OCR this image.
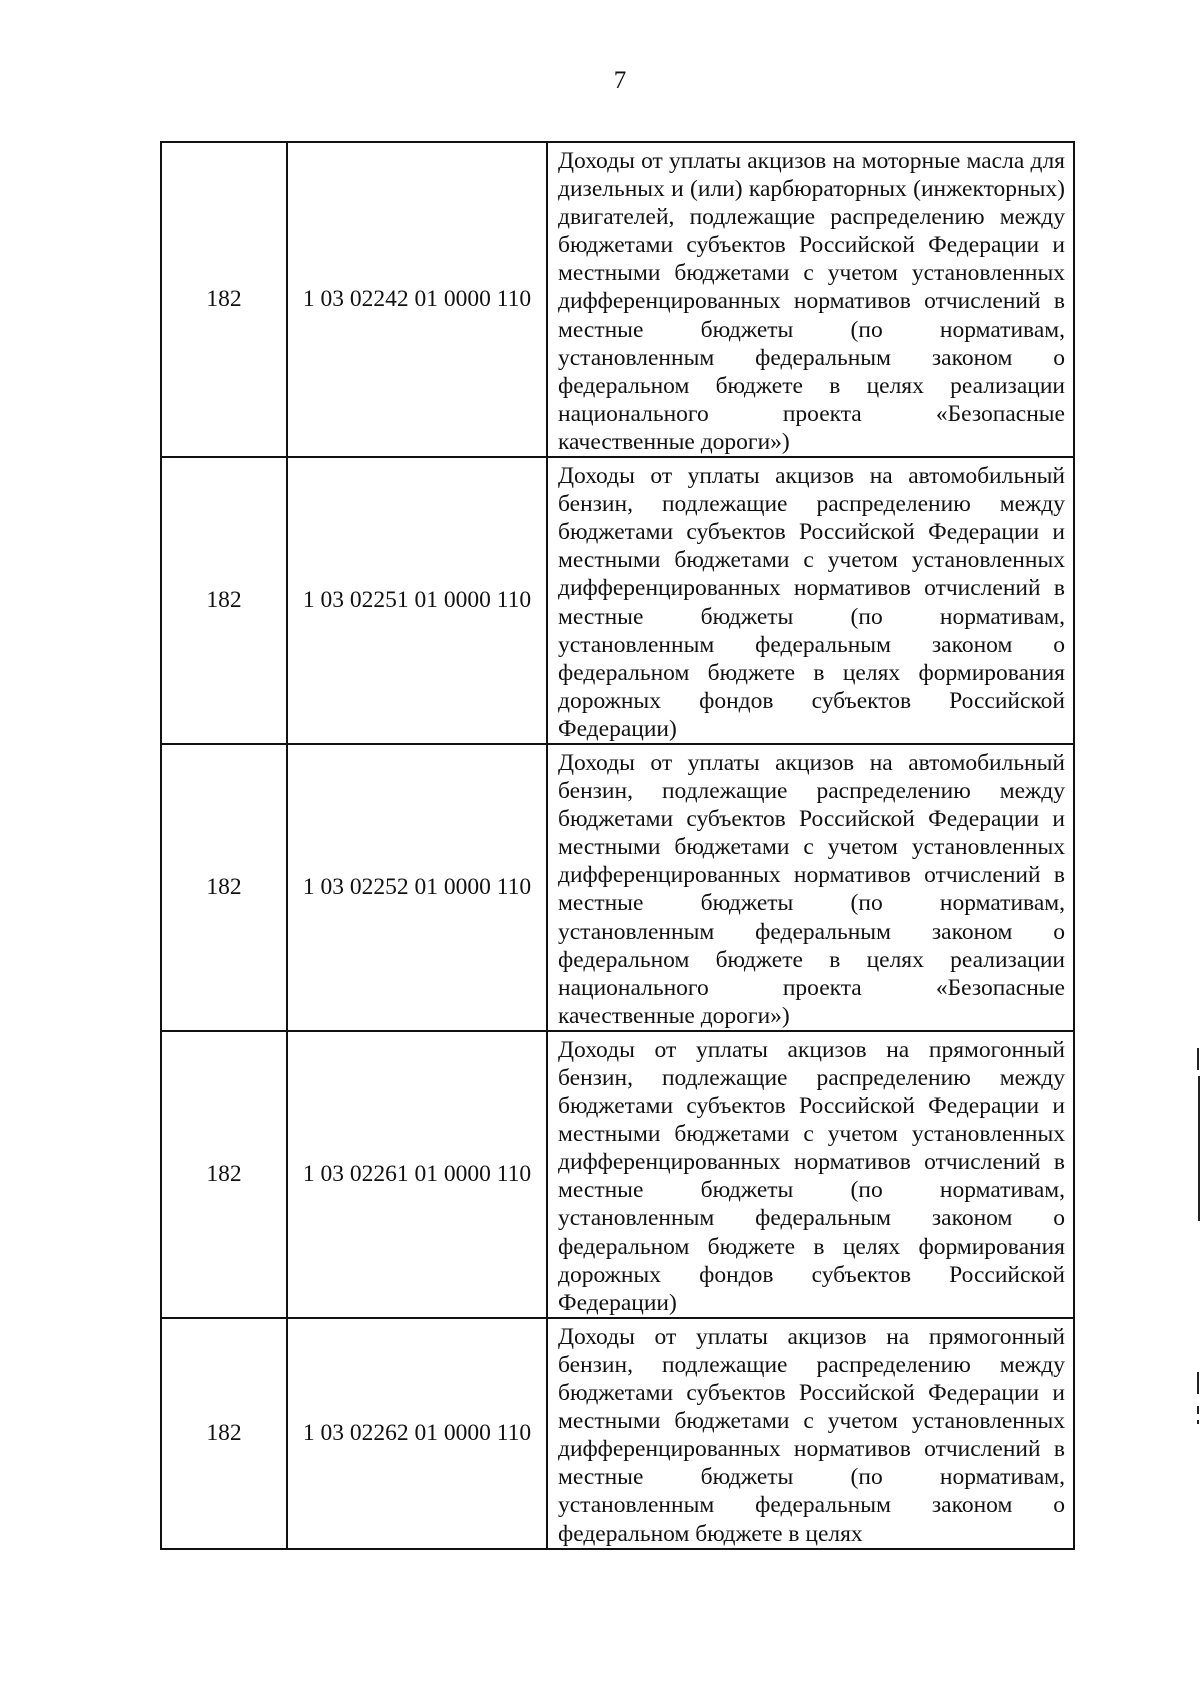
7
182	1 03 02242 01 0000 110	Доходы от уплаты акцизов на моторные масла для дизельных и (или) карбюраторных (инжекторных) двигателей, подлежащие распределению между бюджетами субъектов Российской Федерации и местными бюджетами с учетом установленных дифференцированных нормативов отчислений в местные бюджеты (по нормативам, установленным федеральным законом о федеральном бюджете в целях реализации национального проекта «Безопасные качественные дороги»)
182	1 03 02251 01 0000 110	Доходы от уплаты акцизов на автомобильный бензин, подлежащие распределению между бюджетами субъектов Российской Федерации и местными бюджетами с учетом установленных дифференцированных нормативов отчислений в местные бюджеты (по нормативам, установленным федеральным законом о федеральном бюджете в целях формирования дорожных фондов субъектов Российской Федерации)
182	1 03 02252 01 0000 110	Доходы от уплаты акцизов на автомобильный бензин, подлежащие распределению между бюджетами субъектов Российской Федерации и местными бюджетами с учетом установленных дифференцированных нормативов отчислений в местные бюджеты (по нормативам, установленным федеральным законом о федеральном бюджете в целях реализации национального проекта «Безопасные качественные дороги»)
182	1 03 02261 01 0000 110	Доходы от уплаты акцизов на прямогонный бензин, подлежащие распределению между бюджетами субъектов Российской Федерации и местными бюджетами с учетом установленных дифференцированных нормативов отчислений в местные бюджеты (по нормативам, установленным федеральным законом о федеральном бюджете в целях формирования дорожных фондов субъектов Российской Федерации)
182	1 03 02262 01 0000 110	Доходы от уплаты акцизов на прямогонный бензин, подлежащие распределению между бюджетами субъектов Российской Федерации и местными бюджетами с учетом установленных дифференцированных нормативов отчислений в местные бюджеты (по нормативам, установленным федеральным законом о федеральном бюджете в целях
